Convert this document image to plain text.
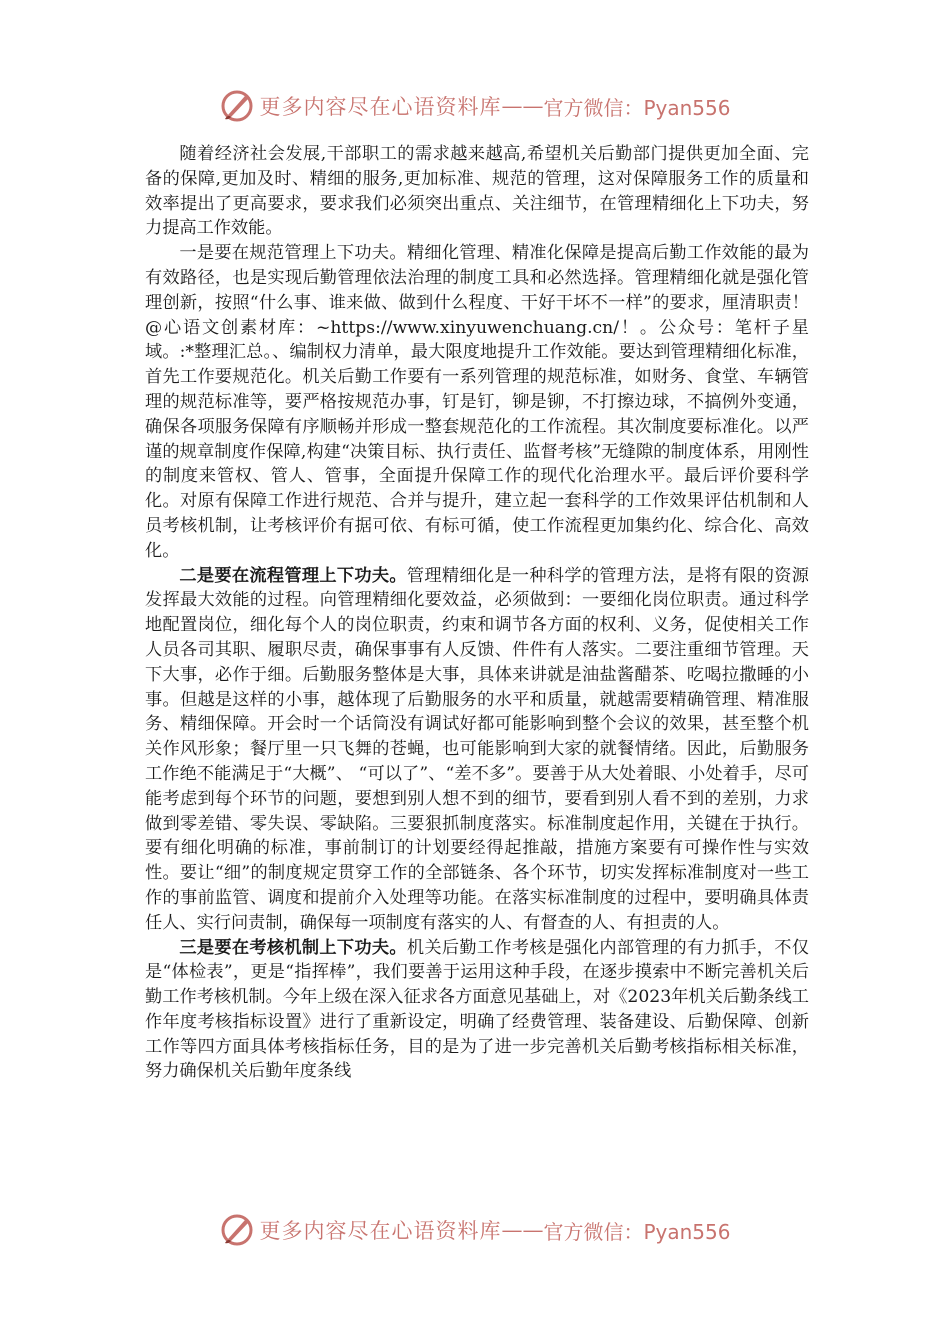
更多内容尽在心语资料库 —— 官方微信：Pyan556

随着经济社会发展,干部职工的需求越来越高,希望机关后勤部门提供更加全面、完备的保障,更加及时、精细的服务,更加标准、规范的管理，这对保障服务工作的质量和效率提出了更高要求，要求我们必须突出重点、关注细节，在管理精细化上下功夫，努力提高工作效能。

一是要在规范管理上下功夫。精细化管理、精准化保障是提高后勤工作效能的最为有效路径，也是实现后勤管理依法治理的制度工具和必然选择。管理精细化就是强化管理创新，按照“什么事、谁来做、做到什么程度、干好干坏不一样”的要求，厘清职责！@心语文创素材库：~https://www.xinyuwenchuang.cn/！。公众号：笔杆子星域。:*整理汇总。、编制权力清单，最大限度地提升工作效能。要达到管理精细化标准，首先工作要规范化。机关后勤工作要有一系列管理的规范标准，如财务、食堂、车辆管理的规范标准等，要严格按规范办事，钉是钉，铆是铆，不打擦边球，不搞例外变通，确保各项服务保障有序顺畅并形成一整套规范化的工作流程。其次制度要标准化。以严谨的规章制度作保障,构建“决策目标、执行责任、监督考核”无缝隙的制度体系，用刚性的制度来管权、管人、管事，全面提升保障工作的现代化治理水平。最后评价要科学化。对原有保障工作进行规范、合并与提升，建立起一套科学的工作效果评估机制和人员考核机制，让考核评价有据可依、有标可循，使工作流程更加集约化、综合化、高效化。

二是要在流程管理上下功夫。管理精细化是一种科学的管理方法，是将有限的资源发挥最大效能的过程。向管理精细化要效益，必须做到：一要细化岗位职责。通过科学地配置岗位，细化每个人的岗位职责，约束和调节各方面的权利、义务，促使相关工作人员各司其职、履职尽责，确保事事有人反馈、件件有人落实。二要注重细节管理。天下大事，必作于细。后勤服务整体是大事，具体来讲就是油盐酱醋茶、吃喝拉撒睡的小事。但越是这样的小事，越体现了后勤服务的水平和质量，就越需要精确管理、精准服务、精细保障。开会时一个话筒没有调试好都可能影响到整个会议的效果，甚至整个机关作风形象；餐厅里一只飞舞的苍蝇，也可能影响到大家的就餐情绪。因此，后勤服务工作绝不能满足于“大概”、 “可以了”、“差不多”。要善于从大处着眼、小处着手，尽可能考虑到每个环节的问题，要想到别人想不到的细节，要看到别人看不到的差别，力求做到零差错、零失误、零缺陷。三要狠抓制度落实。标准制度起作用，关键在于执行。要有细化明确的标准，事前制订的计划要经得起推敲，措施方案要有可操作性与实效性。要让“细”的制度规定贯穿工作的全部链条、各个环节，切实发挥标准制度对一些工作的事前监管、调度和提前介入处理等功能。在落实标准制度的过程中，要明确具体责任人、实行问责制，确保每一项制度有落实的人、有督查的人、有担责的人。

三是要在考核机制上下功夫。机关后勤工作考核是强化内部管理的有力抓手，不仅是“体检表”，更是“指挥棒”，我们要善于运用这种手段，在逐步摸索中不断完善机关后勤工作考核机制。今年上级在深入征求各方面意见基础上，对《2023年机关后勤条线工作年度考核指标设置》进行了重新设定，明确了经费管理、装备建设、后勤保障、创新工作等四方面具体考核指标任务，目的是为了进一步完善机关后勤考核指标相关标准，努力确保机关后勤年度条线

更多内容尽在心语资料库 —— 官方微信：Pyan556
